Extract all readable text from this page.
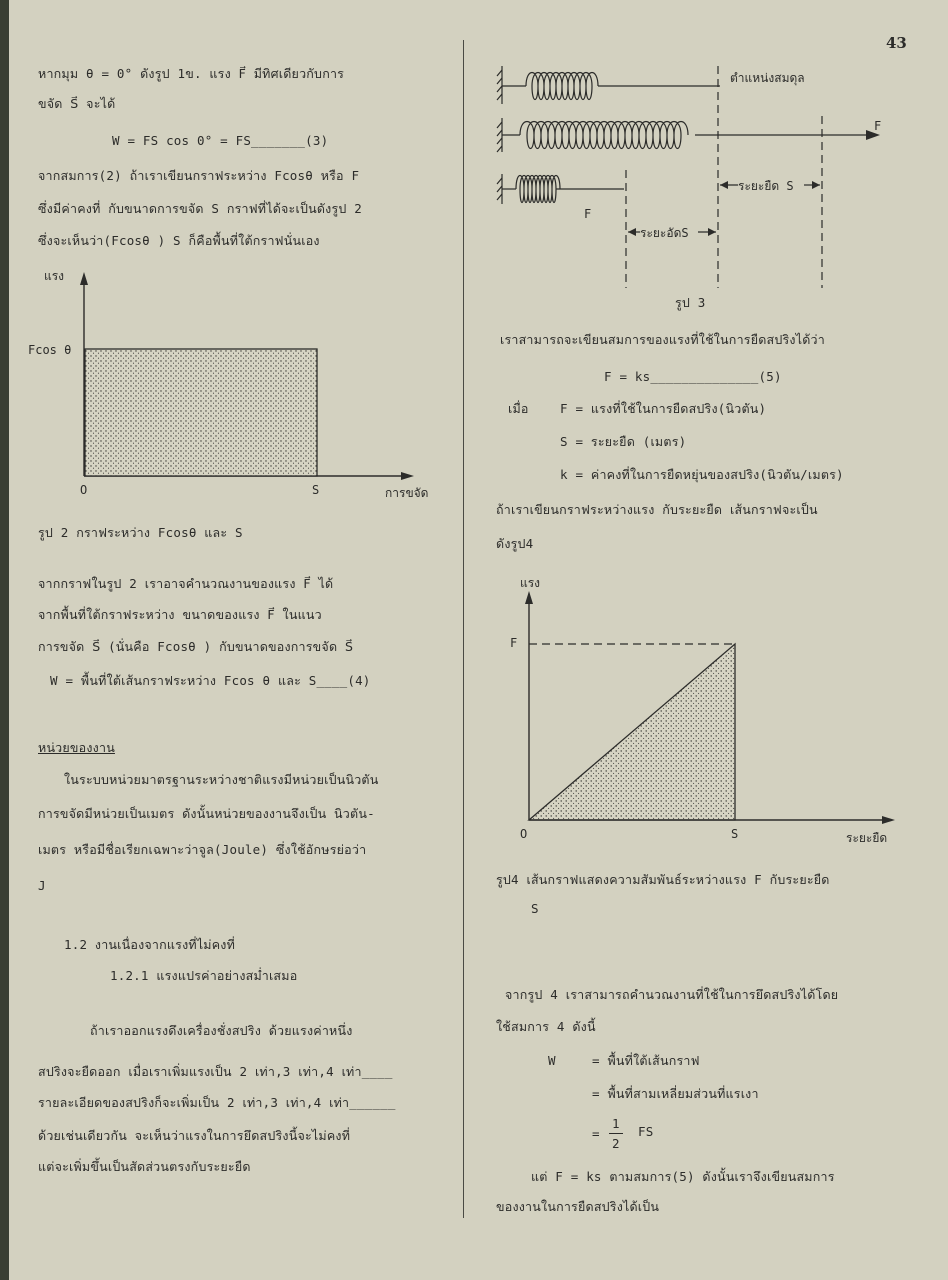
43
หากมุม θ = 0° ดังรูป 1ข. แรง F⃗ มีทิศเดียวกับการ
ขจัด S⃗ จะได้
W = FS cos 0° = FS_______(3)
จากสมการ(2) ถ้าเราเขียนกราฟระหว่าง Fcosθ หรือ F
ซึ่งมีค่าคงที่ กับขนาดการขจัด S กราฟที่ได้จะเป็นดังรูป 2
ซึ่งจะเห็นว่า(Fcosθ ) S ก็คือพื้นที่ใต้กราฟนั่นเอง
แรง
Fcos θ
O	S	การขจัด
รูป 2 กราฟระหว่าง Fcosθ และ S
จากกราฟในรูป 2 เราอาจคำนวณงานของแรง F⃗ ได้
จากพื้นที่ใต้กราฟระหว่าง ขนาดของแรง F⃗ ในแนว
การขจัด S⃗ (นั่นคือ Fcosθ ) กับขนาดของการขจัด S⃗
W = พื้นที่ใต้เส้นกราฟระหว่าง Fcos θ และ S____(4)
หน่วยของงาน
ในระบบหน่วยมาตรฐานระหว่างชาติแรงมีหน่วยเป็นนิวตัน
การขจัดมีหน่วยเป็นเมตร ดังนั้นหน่วยของงานจึงเป็น นิวตัน-
เมตร หรือมีชื่อเรียกเฉพาะว่าจูล(Joule) ซึ่งใช้อักษรย่อว่า
J
1.2 งานเนื่องจากแรงที่ไม่คงที่
1.2.1 แรงแปรค่าอย่างสม่ำเสมอ
ถ้าเราออกแรงดึงเครื่องชั่งสปริง ด้วยแรงค่าหนึ่ง
สปริงจะยืดออก เมื่อเราเพิ่มแรงเป็น 2 เท่า,3 เท่า,4 เท่า____
รายละเอียดของสปริงก็จะเพิ่มเป็น 2 เท่า,3 เท่า,4 เท่า______
ด้วยเช่นเดียวกัน จะเห็นว่าแรงในการยึดสปริงนี้จะไม่คงที่
แต่จะเพิ่มขึ้นเป็นสัดส่วนตรงกับระยะยืด
ตำแหน่งสมดุล
F
ระยะยืด S
F
ระยะอัดS
รูป 3
เราสามารถจะเขียนสมการของแรงที่ใช้ในการยืดสปริงได้ว่า
F = ks______________(5)
เมื่อ	F = แรงที่ใช้ในการยืดสปริง(นิวตัน)
S = ระยะยืด (เมตร)
k = ค่าคงที่ในการยืดหยุ่นของสปริง(นิวตัน/เมตร)
ถ้าเราเขียนกราฟระหว่างแรง กับระยะยืด เส้นกราฟจะเป็น
ดังรูป4
แรง
F
O	S	ระยะยืด
รูป4 เส้นกราฟแสดงความสัมพันธ์ระหว่างแรง F กับระยะยืด
S
จากรูป 4 เราสามารถคำนวณงานที่ใช้ในการยึดสปริงได้โดย
ใช้สมการ 4 ดังนี้
W	= พื้นที่ใต้เส้นกราฟ
= พื้นที่สามเหลี่ยมส่วนที่แรเงา
=
1
2
FS
แต่ F = ks ตามสมการ(5) ดังนั้นเราจึงเขียนสมการ
ของงานในการยืดสปริงได้เป็น
